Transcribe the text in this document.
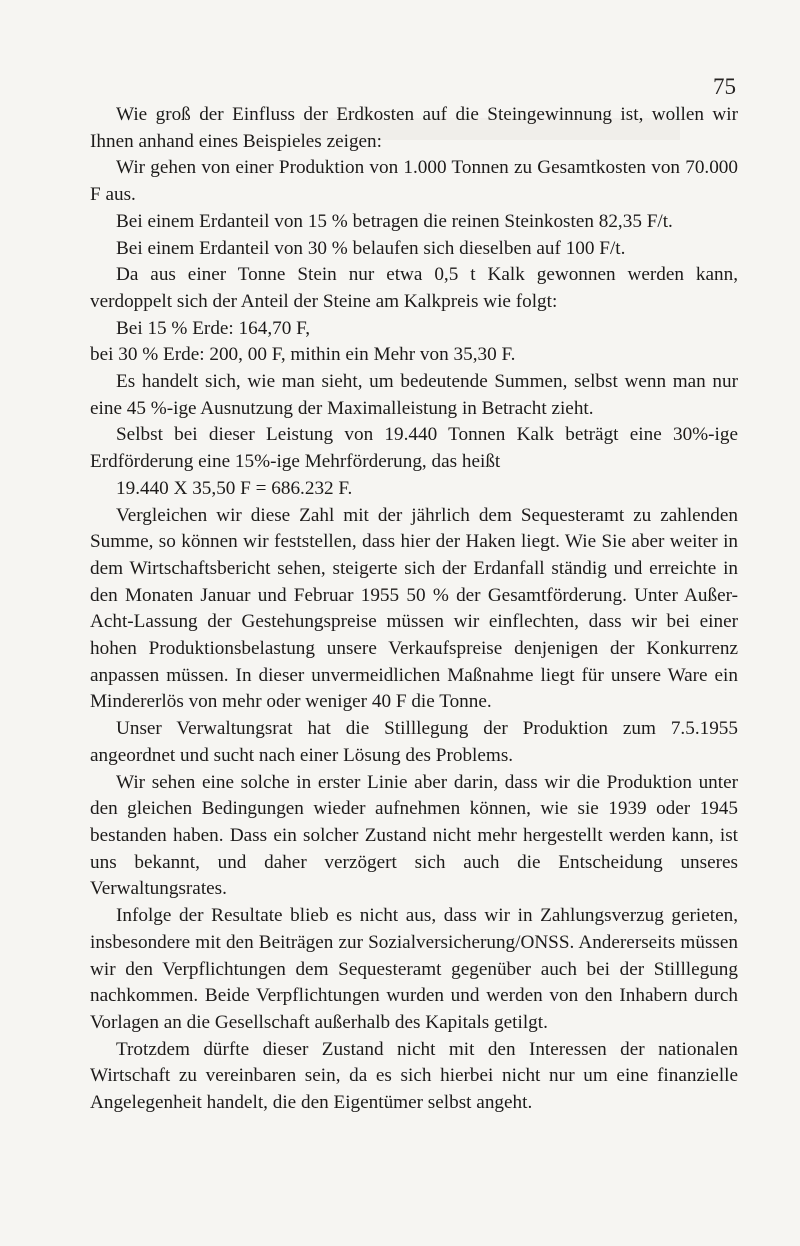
75

Wie groß der Einfluss der Erdkosten auf die Steingewinnung ist, wollen wir Ihnen anhand eines Beispieles zeigen:

Wir gehen von einer Produktion von 1.000 Tonnen zu Gesamtkosten von 70.000 F aus.

Bei einem Erdanteil von 15 % betragen die reinen Steinkosten 82,35 F/t.

Bei einem Erdanteil von 30 % belaufen sich dieselben auf 100 F/t.

Da aus einer Tonne Stein nur etwa 0,5 t Kalk gewonnen werden kann, verdoppelt sich der Anteil der Steine am Kalkpreis wie folgt:

Bei 15 % Erde: 164,70 F,

bei 30 % Erde: 200, 00 F, mithin ein Mehr von 35,30 F.

Es handelt sich, wie man sieht, um bedeutende Summen, selbst wenn man nur eine 45 %-ige Ausnutzung der Maximalleistung in Betracht zieht.

Selbst bei dieser Leistung von 19.440 Tonnen Kalk beträgt eine 30%-ige Erdförderung eine 15%-ige Mehrförderung, das heißt

19.440 X 35,50 F = 686.232 F.

Vergleichen wir diese Zahl mit der jährlich dem Sequesteramt zu zahlenden Summe, so können wir feststellen, dass hier der Haken liegt. Wie Sie aber weiter in dem Wirtschaftsbericht sehen, steigerte sich der Erdanfall ständig und erreichte in den Monaten Januar und Februar 1955 50 % der Gesamtförderung. Unter Außer-Acht-Lassung der Gestehungspreise müssen wir einflechten, dass wir bei einer hohen Produktionsbelastung unsere Verkaufspreise denjenigen der Konkurrenz anpassen müssen. In dieser unvermeidlichen Maßnahme liegt für unsere Ware ein Mindererlös von mehr oder weniger 40 F die Tonne.

Unser Verwaltungsrat hat die Stilllegung der Produktion zum 7.5.1955 angeordnet und sucht nach einer Lösung des Problems.

Wir sehen eine solche in erster Linie aber darin, dass wir die Produktion unter den gleichen Bedingungen wieder aufnehmen können, wie sie 1939 oder 1945 bestanden haben. Dass ein solcher Zustand nicht mehr hergestellt werden kann, ist uns bekannt, und daher verzögert sich auch die Entscheidung unseres Verwaltungsrates.

Infolge der Resultate blieb es nicht aus, dass wir in Zahlungsverzug gerieten, insbesondere mit den Beiträgen zur Sozialversicherung/ONSS. Andererseits müssen wir den Verpflichtungen dem Sequesteramt gegenüber auch bei der Stilllegung nachkommen. Beide Verpflichtungen wurden und werden von den Inhabern durch Vorlagen an die Gesellschaft außerhalb des Kapitals getilgt.

Trotzdem dürfte dieser Zustand nicht mit den Interessen der nationalen Wirtschaft zu vereinbaren sein, da es sich hierbei nicht nur um eine finanzielle Angelegenheit handelt, die den Eigentümer selbst angeht.
